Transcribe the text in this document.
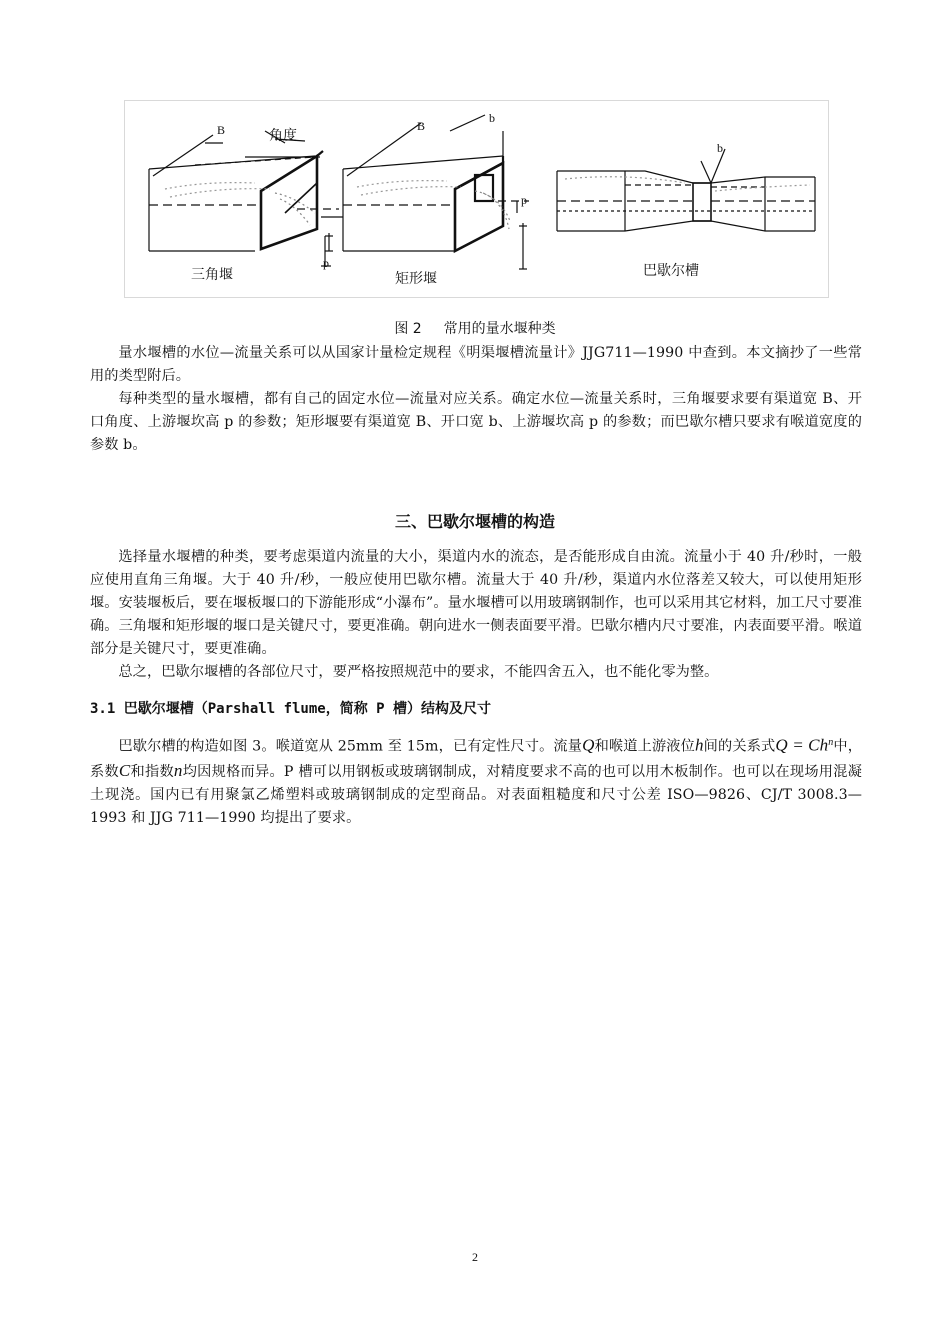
B	角度
p
三角堰
B
b
p
矩形堰
b
巴歇尔槽
图 2 常用的量水堰种类

量水堰槽的水位—流量关系可以从国家计量检定规程《明渠堰槽流量计》JJG711—1990 中查到。本文摘抄了一些常用的类型附后。

每种类型的量水堰槽，都有自己的固定水位—流量对应关系。确定水位—流量关系时，三角堰要求要有渠道宽 B、开口角度、上游堰坎高 p 的参数；矩形堰要有渠道宽 B、开口宽 b、上游堰坎高 p 的参数；而巴歇尔槽只要求有喉道宽度的参数 b。

三、巴歇尔堰槽的构造

选择量水堰槽的种类，要考虑渠道内流量的大小，渠道内水的流态，是否能形成自由流。流量小于 40 升/秒时，一般应使用直角三角堰。大于 40 升/秒，一般应使用巴歇尔槽。流量大于 40 升/秒，渠道内水位落差又较大，可以使用矩形堰。安装堰板后，要在堰板堰口的下游能形成“小瀑布”。量水堰槽可以用玻璃钢制作，也可以采用其它材料，加工尺寸要准确。三角堰和矩形堰的堰口是关键尺寸，要更准确。朝向进水一侧表面要平滑。巴歇尔槽内尺寸要准，内表面要平滑。喉道部分是关键尺寸，要更准确。

总之，巴歇尔堰槽的各部位尺寸，要严格按照规范中的要求，不能四舍五入，也不能化零为整。

3.1 巴歇尔堰槽（Parshall flume，简称 P 槽）结构及尺寸

巴歇尔槽的构造如图 3。喉道宽从 25mm 至 15m，已有定性尺寸。流量Q和喉道上游液位h间的关系式$Q = Ch^n$中，系数C和指数n均因规格而异。P 槽可以用钢板或玻璃钢制成，对精度要求不高的也可以用木板制作。也可以在现场用混凝土现浇。国内已有用聚氯乙烯塑料或玻璃钢制成的定型商品。对表面粗糙度和尺寸公差 ISO—9826、CJ/T 3008.3—1993 和 JJG 711—1990 均提出了要求。

2
